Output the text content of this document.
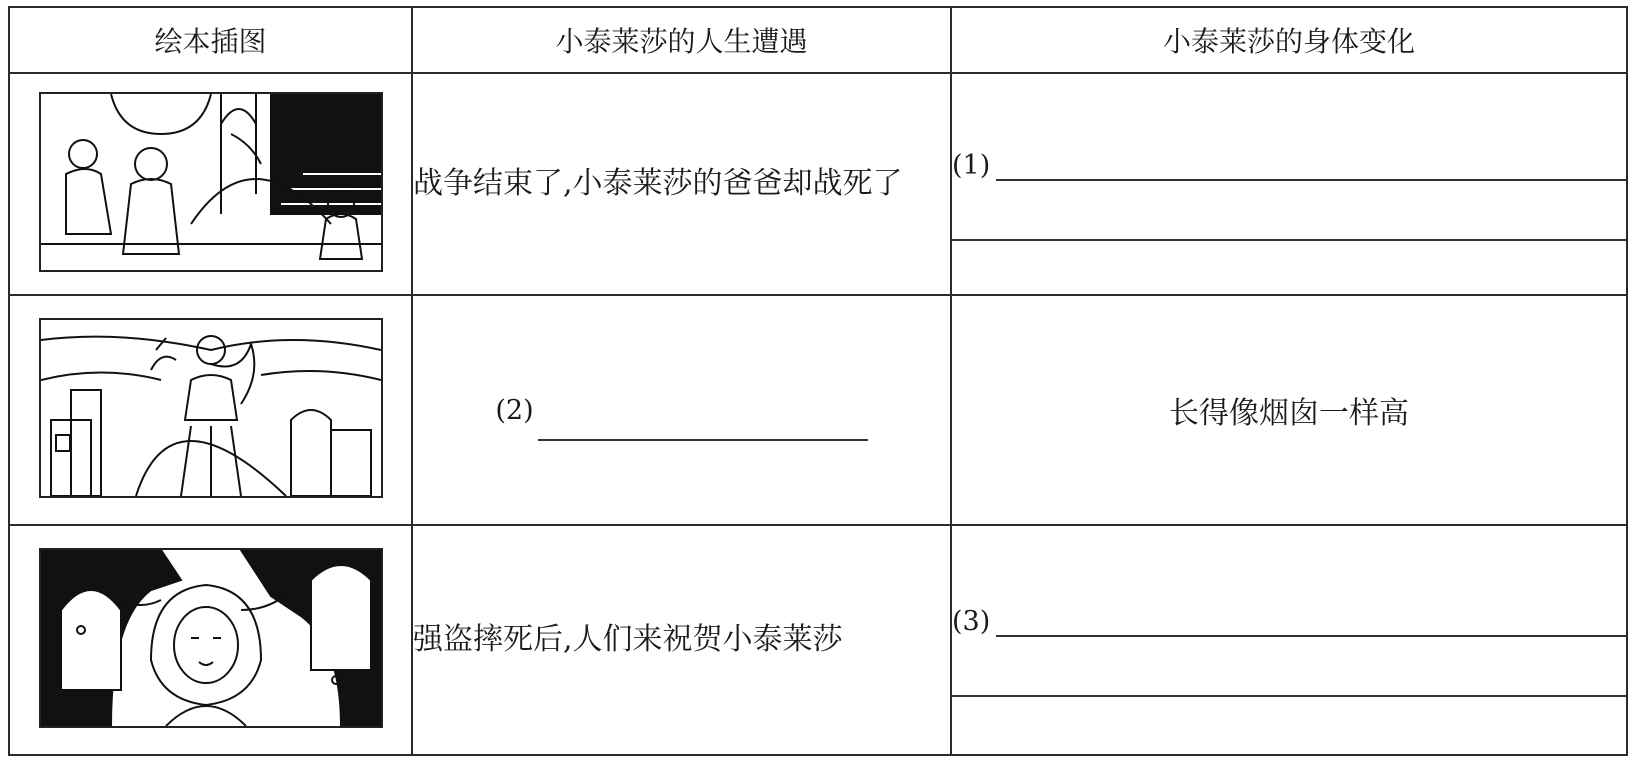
绘本插图	小泰莱莎的人生遭遇	小泰莱莎的身体变化

	战争结束了,小泰莱莎的爸爸却战死了	(1)

	(2)	长得像烟囱一样高

	强盗摔死后,人们来祝贺小泰莱莎	(3)
